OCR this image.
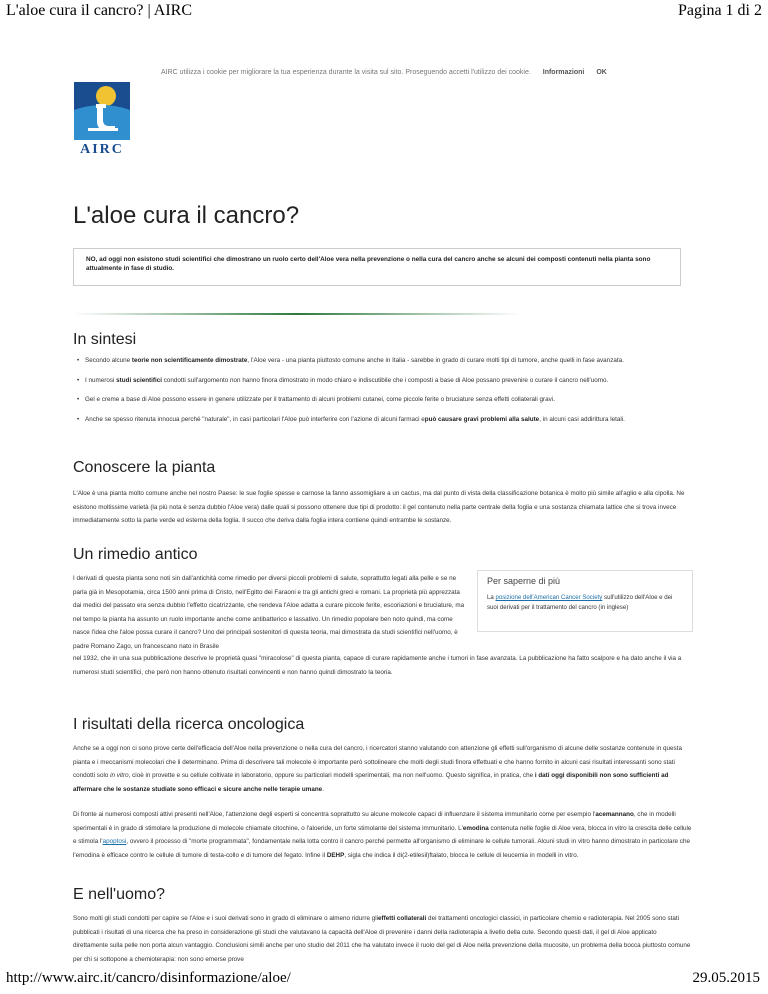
L'aloe cura il cancro? | AIRC	Pagina 1 di 2
AIRC utilizza i cookie per migliorare la tua esperienza durante la visita sul sito. Proseguendo accetti l'utilizzo dei cookie. Informazioni OK
AIRC
L'aloe cura il cancro?
NO, ad oggi non esistono studi scientifici che dimostrano un ruolo certo dell'Aloe vera nella prevenzione o nella cura del cancro anche se alcuni dei composti contenuti nella pianta sono attualmente in fase di studio.
In sintesi
• Secondo alcune teorie non scientificamente dimostrate, l'Aloe vera - una pianta piuttosto comune anche in Italia - sarebbe in grado di curare molti tipi di tumore, anche quelli in fase avanzata.
• I numerosi studi scientifici condotti sull'argomento non hanno finora dimostrato in modo chiaro e indiscutibile che i composti a base di Aloe possano prevenire o curare il cancro nell'uomo.
• Gel e creme a base di Aloe possono essere in genere utilizzate per il trattamento di alcuni problemi cutanei, come piccole ferite o bruciature senza effetti collaterali gravi.
• Anche se spesso ritenuta innocua perché "naturale", in casi particolari l'Aloe può interferire con l'azione di alcuni farmaci epuò causare gravi problemi alla salute, in alcuni casi addirittura letali.
Conoscere la pianta

L'Aloe è una pianta molto comune anche nel nostro Paese: le sue foglie spesse e carnose la fanno assomigliare a un cactus, ma dal punto di vista della classificazione botanica è molto più simile all'aglio e alla cipolla. Ne esistono moltissime varietà (la più nota è senza dubbio l'Aloe vera) dalle quali si possono ottenere due tipi di prodotto: il gel contenuto nella parte centrale della foglia e una sostanza chiamata lattice che si trova invece immediatamente sotto la parte verde ed esterna della foglia. Il succo che deriva dalla foglia intera contiene quindi entrambe le sostanze.

Un rimedio antico

I derivati di questa pianta sono noti sin dall'antichità come rimedio per diversi piccoli problemi di salute, soprattutto legati alla pelle e se ne parla già in Mesopotamia, circa 1500 anni prima di Cristo, nell'Egitto dei Faraoni e tra gli antichi greci e romani. La proprietà più apprezzata dai medici del passato era senza dubbio l'effetto cicatrizzante, che rendeva l'Aloe adatta a curare piccole ferite, escoriazioni e bruciature, ma nel tempo la pianta ha assunto un ruolo importante anche come antibatterico e lassativo. Un rimedio popolare ben noto quindi, ma come nasce l'idea che l'aloe possa curare il cancro? Uno dei principali sostenitori di questa teoria, mai dimostrata da studi scientifici nell'uomo, è padre Romano Zago, un francescano nato in Brasile

nel 1932, che in una sua pubblicazione descrive le proprietà quasi "miracolose" di questa pianta, capace di curare rapidamente anche i tumori in fase avanzata. La pubblicazione ha fatto scalpore e ha dato anche il via a numerosi studi scientifici, che però non hanno ottenuto risultati convincenti e non hanno quindi dimostrato la teoria.

Per saperne di più
La posizione dell'American Cancer Society sull'utilizzo dell'Aloe e dei suoi derivati per il trattamento del cancro (in inglese)
I risultati della ricerca oncologica

Anche se a oggi non ci sono prove certe dell'efficacia dell'Aloe nella prevenzione o nella cura del cancro, i ricercatori stanno valutando con attenzione gli effetti sull'organismo di alcune delle sostanze contenute in questa pianta e i meccanismi molecolari che li determinano. Prima di descrivere tali molecole è importante però sottolineare che molti degli studi finora effettuati e che hanno fornito in alcuni casi risultati interessanti sono stati condotti solo in vitro, cioè in provette e su cellule coltivate in laboratorio, oppure su particolari modelli sperimentali, ma non nell'uomo. Questo significa, in pratica, che i dati oggi disponibili non sono sufficienti ad affermare che le sostanze studiate sono efficaci e sicure anche nelle terapie umane.

Di fronte ai numerosi composti attivi presenti nell'Aloe, l'attenzione degli esperti si concentra soprattutto su alcune molecole capaci di influenzare il sistema immunitario come per esempio l'acemannano, che in modelli sperimentali è in grado di stimolare la produzione di molecole chiamate citochine, o l'aloeride, un forte stimolante del sistema immunitario. L'emodina contenuta nelle foglie di Aloe vera, blocca in vitro la crescita delle cellule e stimola l'apoptosi, ovvero il processo di "morte programmata", fondamentale nella lotta contro il cancro perché permette all'organismo di eliminare le cellule tumorali. Alcuni studi in vitro hanno dimostrato in particolare che l'emodina è efficace contro le cellule di tumore di testa-collo e di tumore del fegato. Infine il DEHP, sigla che indica il di(2-etilesil)ftalato, blocca le cellule di leucemia in modelli in vitro.

E nell'uomo?

Sono molti gli studi condotti per capire se l'Aloe e i suoi derivati sono in grado di eliminare o almeno ridurre glieffetti collaterali dei trattamenti oncologici classici, in particolare chemio e radioterapia. Nel 2005 sono stati pubblicati i risultati di una ricerca che ha preso in considerazione gli studi che valutavano la capacità dell'Aloe di prevenire i danni della radioterapia a livello della cute. Secondo questi dati, il gel di Aloe applicato direttamente sulla pelle non porta alcun vantaggio. Conclusioni simili anche per uno studio del 2011 che ha valutato invece il ruolo del gel di Aloe nella prevenzione della mucosite, un problema della bocca piuttosto comune per chi si sottopone a chemioterapia: non sono emerse prove

http://www.airc.it/cancro/disinformazione/aloe/	29.05.2015
